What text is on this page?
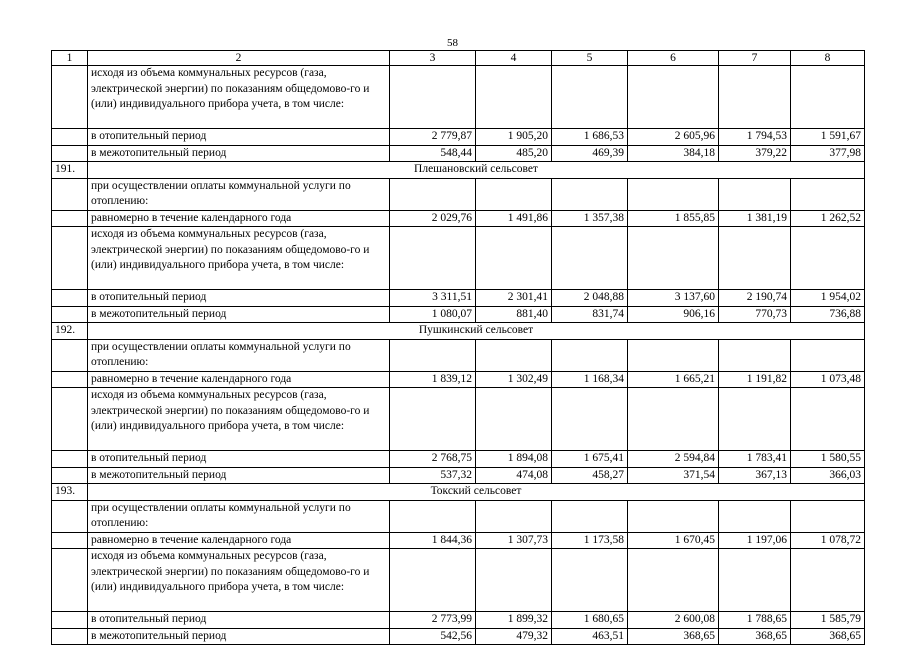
58
1	2	3	4	5	6	7	8
	исходя из объема коммунальных ресурсов (газа, электрической энергии) по показаниям общедомово-го и (или) индивидуального прибора учета, в том числе:						
	в отопительный период	2 779,87	1 905,20	1 686,53	2 605,96	1 794,53	1 591,67
	в межотопительный период	548,44	485,20	469,39	384,18	379,22	377,98
191.	Плешановский сельсовет						
	при осуществлении оплаты коммунальной услуги по отоплению:						
	равномерно в течение календарного года	2 029,76	1 491,86	1 357,38	1 855,85	1 381,19	1 262,52
	исходя из объема коммунальных ресурсов (газа, электрической энергии) по показаниям общедомово-го и (или) индивидуального прибора учета, в том числе:						
	в отопительный период	3 311,51	2 301,41	2 048,88	3 137,60	2 190,74	1 954,02
	в межотопительный период	1 080,07	881,40	831,74	906,16	770,73	736,88
192.	Пушкинский сельсовет						
	при осуществлении оплаты коммунальной услуги по отоплению:						
	равномерно в течение календарного года	1 839,12	1 302,49	1 168,34	1 665,21	1 191,82	1 073,48
	исходя из объема коммунальных ресурсов (газа, электрической энергии) по показаниям общедомово-го и (или) индивидуального прибора учета, в том числе:						
	в отопительный период	2 768,75	1 894,08	1 675,41	2 594,84	1 783,41	1 580,55
	в межотопительный период	537,32	474,08	458,27	371,54	367,13	366,03
193.	Токский сельсовет						
	при осуществлении оплаты коммунальной услуги по отоплению:						
	равномерно в течение календарного года	1 844,36	1 307,73	1 173,58	1 670,45	1 197,06	1 078,72
	исходя из объема коммунальных ресурсов (газа, электрической энергии) по показаниям общедомово-го и (или) индивидуального прибора учета, в том числе:						
	в отопительный период	2 773,99	1 899,32	1 680,65	2 600,08	1 788,65	1 585,79
	в межотопительный период	542,56	479,32	463,51	368,65	368,65	368,65
